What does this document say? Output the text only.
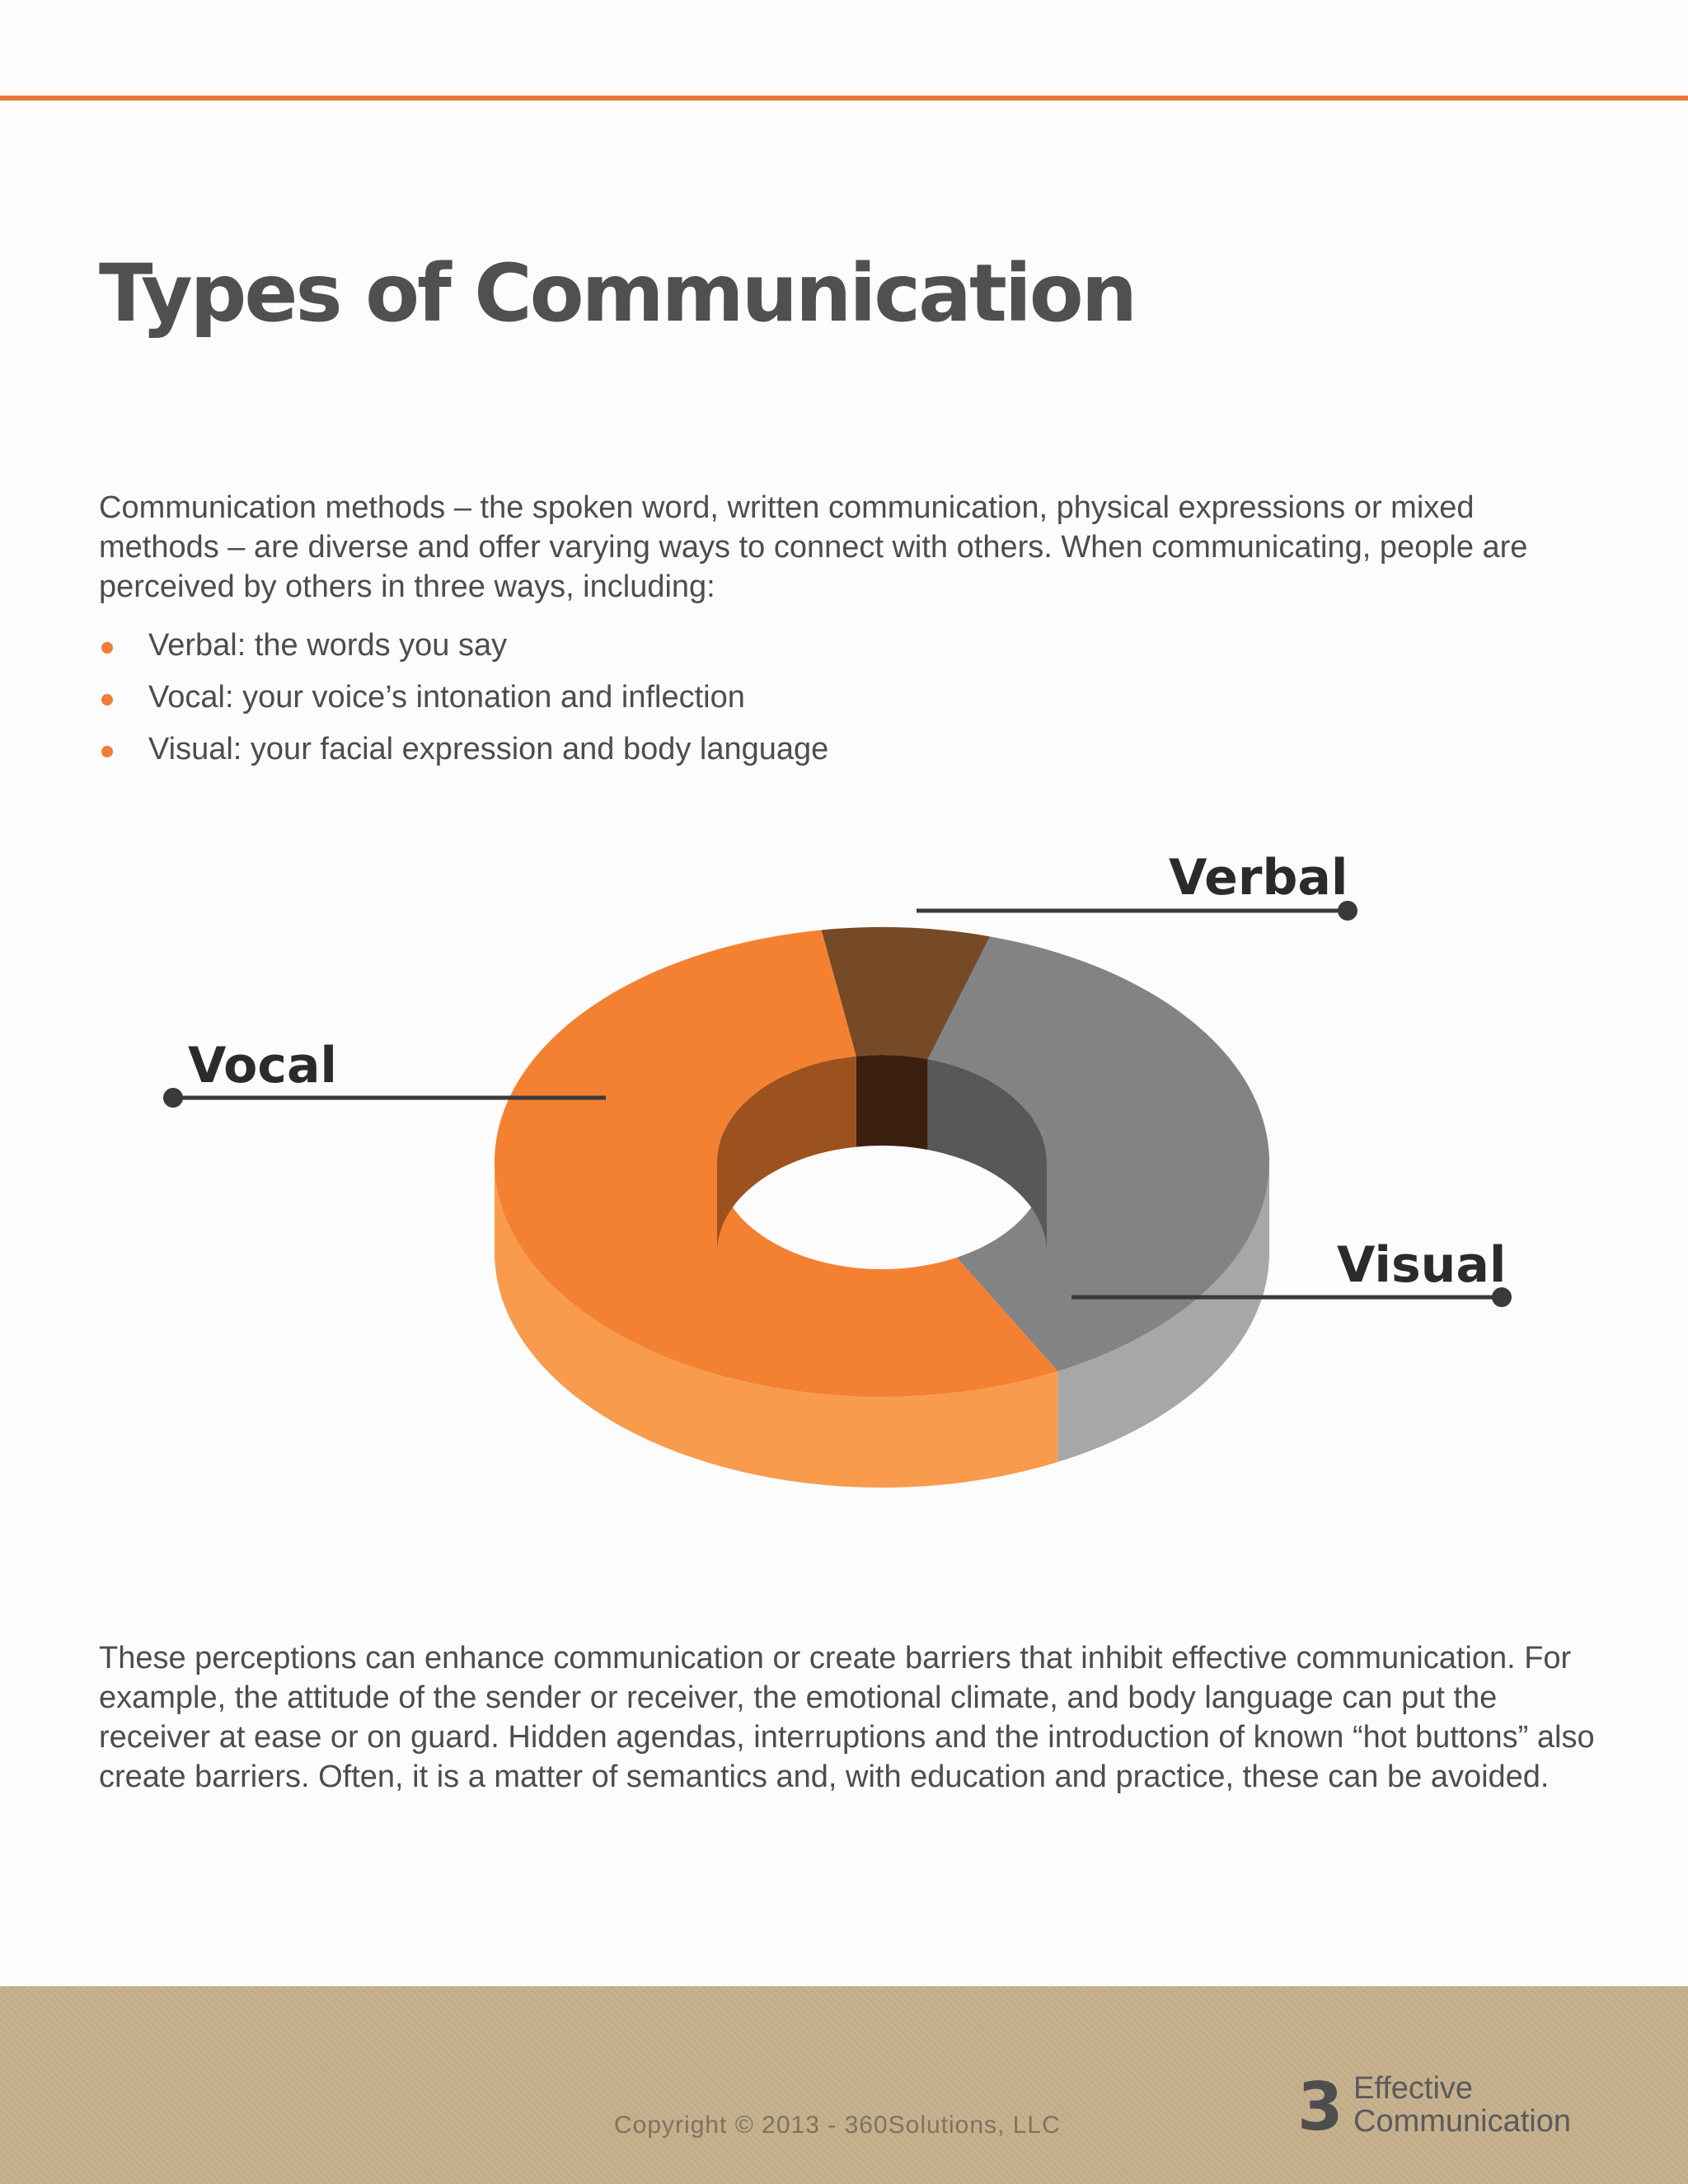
Types of Communication

Communication methods – the spoken word, written communication, physical expressions or mixed methods – are diverse and offer varying ways to connect with others. When communicating, people are perceived by others in three ways, including:

Verbal: the words you say
Vocal: your voice’s intonation and inflection
Visual: your facial expression and body language
Verbal
Vocal
Visual

These perceptions can enhance communication or create barriers that inhibit effective communication. For example, the attitude of the sender or receiver, the emotional climate, and body language can put the receiver at ease or on guard. Hidden agendas, interruptions and the introduction of known “hot buttons” also create barriers. Often, it is a matter of semantics and, with education and practice, these can be avoided.

Copyright © 2013 - 360Solutions, LLC	3 Effective
Communication
